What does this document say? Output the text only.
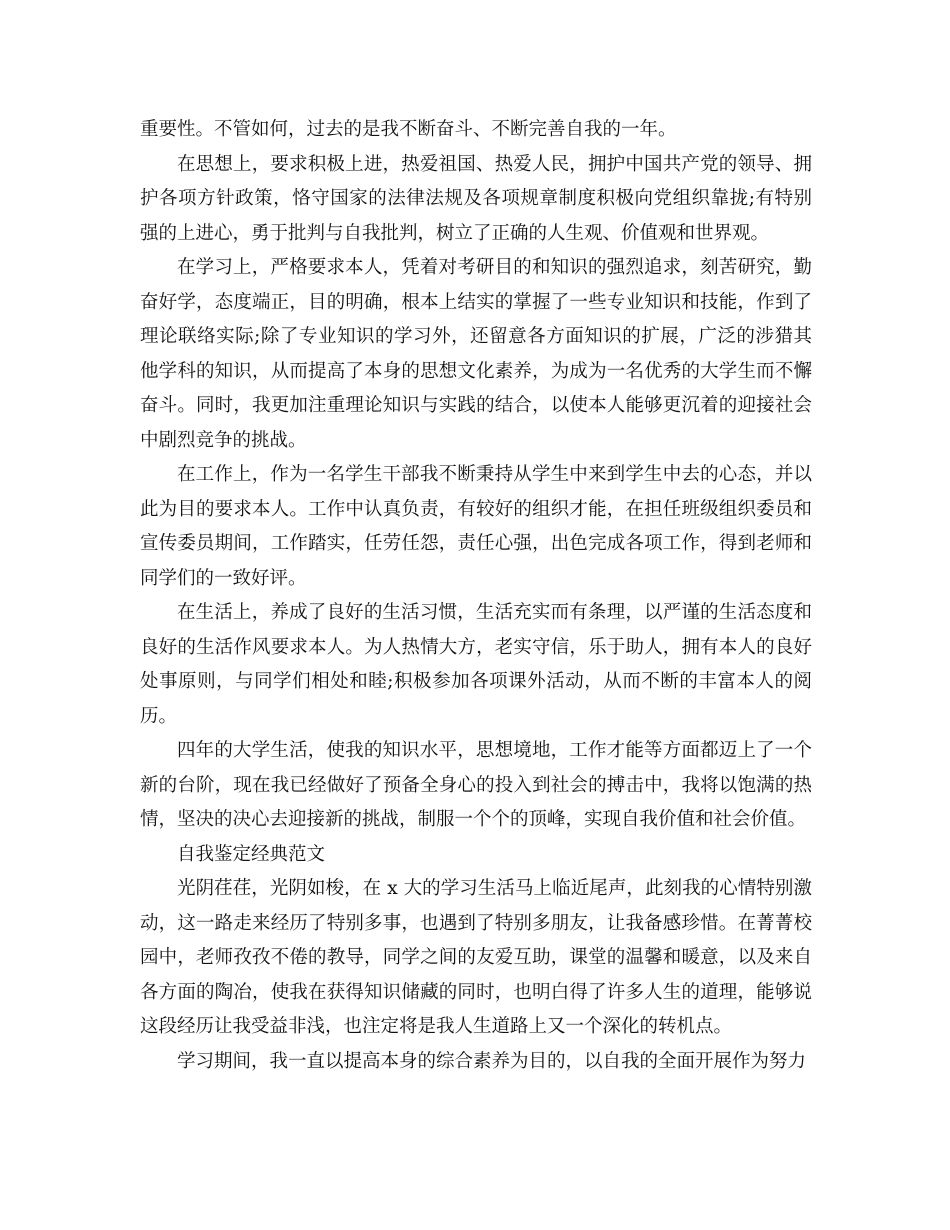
重要性。不管如何，过去的是我不断奋斗、不断完善自我的一年。

在思想上，要求积极上进，热爱祖国、热爱人民，拥护中国共产党的领导、拥护各项方针政策，恪守国家的法律法规及各项规章制度积极向党组织靠拢;有特别强的上进心，勇于批判与自我批判，树立了正确的人生观、价值观和世界观。

在学习上，严格要求本人，凭着对考研目的和知识的强烈追求，刻苦研究，勤奋好学，态度端正，目的明确，根本上结实的掌握了一些专业知识和技能，作到了理论联络实际;除了专业知识的学习外，还留意各方面知识的扩展，广泛的涉猎其他学科的知识，从而提高了本身的思想文化素养，为成为一名优秀的大学生而不懈奋斗。同时，我更加注重理论知识与实践的结合，以使本人能够更沉着的迎接社会中剧烈竞争的挑战。

在工作上，作为一名学生干部我不断秉持从学生中来到学生中去的心态，并以此为目的要求本人。工作中认真负责，有较好的组织才能，在担任班级组织委员和宣传委员期间，工作踏实，任劳任怨，责任心强，出色完成各项工作，得到老师和同学们的一致好评。

在生活上，养成了良好的生活习惯，生活充实而有条理，以严谨的生活态度和良好的生活作风要求本人。为人热情大方，老实守信，乐于助人，拥有本人的良好处事原则，与同学们相处和睦;积极参加各项课外活动，从而不断的丰富本人的阅历。

四年的大学生活，使我的知识水平，思想境地，工作才能等方面都迈上了一个新的台阶，现在我已经做好了预备全身心的投入到社会的搏击中，我将以饱满的热情，坚决的决心去迎接新的挑战，制服一个个的顶峰，实现自我价值和社会价值。

自我鉴定经典范文

光阴荏荏，光阴如梭，在 x 大的学习生活马上临近尾声，此刻我的心情特别激动，这一路走来经历了特别多事，也遇到了特别多朋友，让我备感珍惜。在菁菁校园中，老师孜孜不倦的教导，同学之间的友爱互助，课堂的温馨和暖意，以及来自各方面的陶冶，使我在获得知识储藏的同时，也明白得了许多人生的道理，能够说这段经历让我受益非浅，也注定将是我人生道路上又一个深化的转机点。

学习期间，我一直以提高本身的综合素养为目的，以自我的全面开展作为努力
